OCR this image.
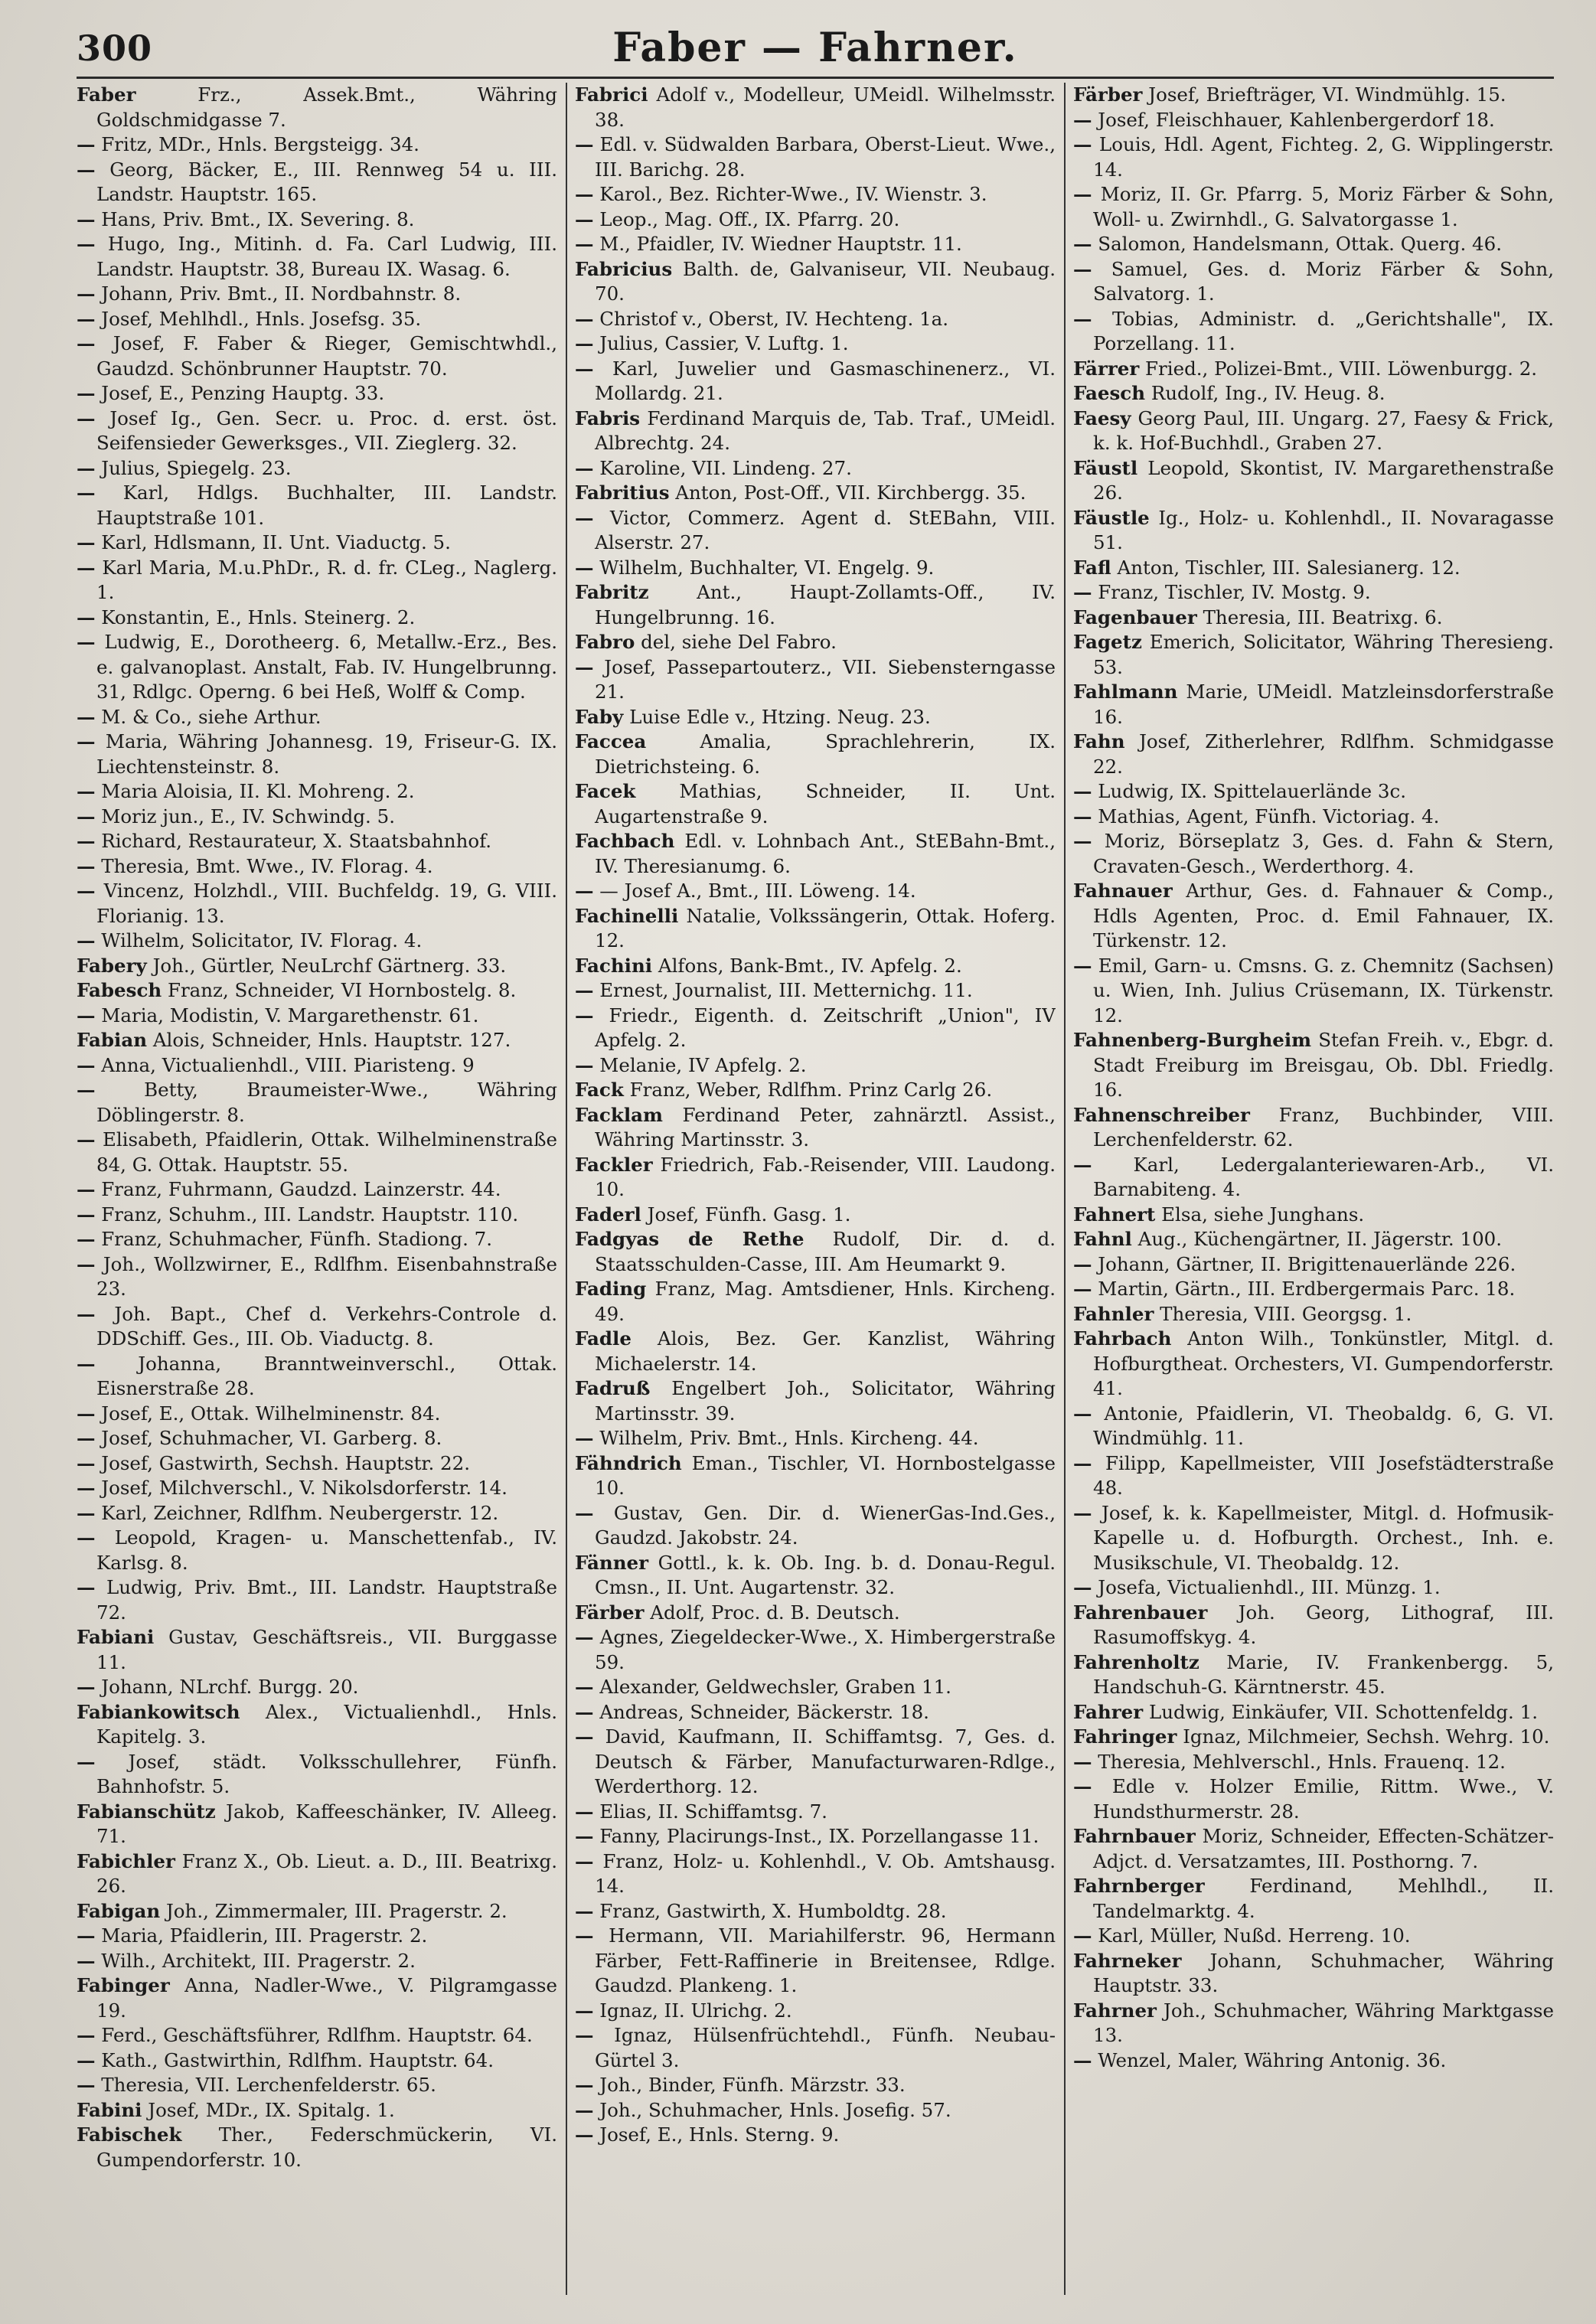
300	Faber — Fahrner.

Faber Frz., Assek.Bmt., Währing Goldschmidgasse 7.

— Fritz, MDr., Hnls. Bergsteigg. 34.

— Georg, Bäcker, E., III. Rennweg 54 u. III. Landstr. Hauptstr. 165.

— Hans, Priv. Bmt., IX. Severing. 8.

— Hugo, Ing., Mitinh. d. Fa. Carl Ludwig, III. Landstr. Hauptstr. 38, Bureau IX. Wasag. 6.

— Johann, Priv. Bmt., II. Nordbahnstr. 8.

— Josef, Mehlhdl., Hnls. Josefsg. 35.

— Josef, F. Faber & Rieger, Gemischtwhdl., Gaudzd. Schönbrunner Hauptstr. 70.

— Josef, E., Penzing Hauptg. 33.

— Josef Ig., Gen. Secr. u. Proc. d. erst. öst. Seifensieder Gewerksges., VII. Zieglerg. 32.

— Julius, Spiegelg. 23.

— Karl, Hdlgs. Buchhalter, III. Landstr. Hauptstraße 101.

— Karl, Hdlsmann, II. Unt. Viaductg. 5.

— Karl Maria, M.u.PhDr., R. d. fr. CLeg., Naglerg. 1.

— Konstantin, E., Hnls. Steinerg. 2.

— Ludwig, E., Dorotheerg. 6, Metallw.-Erz., Bes. e. galvanoplast. Anstalt, Fab. IV. Hungelbrunng. 31, Rdlgc. Operng. 6 bei Heß, Wolff & Comp.

— M. & Co., siehe Arthur.

— Maria, Währing Johannesg. 19, Friseur-G. IX. Liechtensteinstr. 8.

— Maria Aloisia, II. Kl. Mohreng. 2.

— Moriz jun., E., IV. Schwindg. 5.

— Richard, Restaurateur, X. Staatsbahnhof.

— Theresia, Bmt. Wwe., IV. Florag. 4.

— Vincenz, Holzhdl., VIII. Buchfeldg. 19, G. VIII. Florianig. 13.

— Wilhelm, Solicitator, IV. Florag. 4.

Fabery Joh., Gürtler, NeuLrchf Gärtnerg. 33.

Fabesch Franz, Schneider, VI Hornbostelg. 8.

— Maria, Modistin, V. Margarethenstr. 61.

Fabian Alois, Schneider, Hnls. Hauptstr. 127.

— Anna, Victualienhdl., VIII. Piaristeng. 9

— Betty, Braumeister-Wwe., Währing Döblingerstr. 8.

— Elisabeth, Pfaidlerin, Ottak. Wilhelminenstraße 84, G. Ottak. Hauptstr. 55.

— Franz, Fuhrmann, Gaudzd. Lainzerstr. 44.

— Franz, Schuhm., III. Landstr. Hauptstr. 110.

— Franz, Schuhmacher, Fünfh. Stadiong. 7.

— Joh., Wollzwirner, E., Rdlfhm. Eisenbahnstraße 23.

— Joh. Bapt., Chef d. Verkehrs-Controle d. DDSchiff. Ges., III. Ob. Viaductg. 8.

— Johanna, Branntweinverschl., Ottak. Eisnerstraße 28.

— Josef, E., Ottak. Wilhelminenstr. 84.

— Josef, Schuhmacher, VI. Garberg. 8.

— Josef, Gastwirth, Sechsh. Hauptstr. 22.

— Josef, Milchverschl., V. Nikolsdorferstr. 14.

— Karl, Zeichner, Rdlfhm. Neubergerstr. 12.

— Leopold, Kragen- u. Manschettenfab., IV. Karlsg. 8.

— Ludwig, Priv. Bmt., III. Landstr. Hauptstraße 72.

Fabiani Gustav, Geschäftsreis., VII. Burggasse 11.

— Johann, NLrchf. Burgg. 20.

Fabiankowitsch Alex., Victualienhdl., Hnls. Kapitelg. 3.

— Josef, städt. Volksschullehrer, Fünfh. Bahnhofstr. 5.

Fabianschütz Jakob, Kaffeeschänker, IV. Alleeg. 71.

Fabichler Franz X., Ob. Lieut. a. D., III. Beatrixg. 26.

Fabigan Joh., Zimmermaler, III. Pragerstr. 2.

— Maria, Pfaidlerin, III. Pragerstr. 2.

— Wilh., Architekt, III. Pragerstr. 2.

Fabinger Anna, Nadler-Wwe., V. Pilgramgasse 19.

— Ferd., Geschäftsführer, Rdlfhm. Hauptstr. 64.

— Kath., Gastwirthin, Rdlfhm. Hauptstr. 64.

— Theresia, VII. Lerchenfelderstr. 65.

Fabini Josef, MDr., IX. Spitalg. 1.

Fabischek Ther., Federschmückerin, VI. Gumpendorferstr. 10.

Fabrici Adolf v., Modelleur, UMeidl. Wilhelmsstr. 38.

— Edl. v. Südwalden Barbara, Oberst-Lieut. Wwe., III. Barichg. 28.

— Karol., Bez. Richter-Wwe., IV. Wienstr. 3.

— Leop., Mag. Off., IX. Pfarrg. 20.

— M., Pfaidler, IV. Wiedner Hauptstr. 11.

Fabricius Balth. de, Galvaniseur, VII. Neubaug. 70.

— Christof v., Oberst, IV. Hechteng. 1a.

— Julius, Cassier, V. Luftg. 1.

— Karl, Juwelier und Gasmaschinenerz., VI. Mollardg. 21.

Fabris Ferdinand Marquis de, Tab. Traf., UMeidl. Albrechtg. 24.

— Karoline, VII. Lindeng. 27.

Fabritius Anton, Post-Off., VII. Kirchbergg. 35.

— Victor, Commerz. Agent d. StEBahn, VIII. Alserstr. 27.

— Wilhelm, Buchhalter, VI. Engelg. 9.

Fabritz Ant., Haupt-Zollamts-Off., IV. Hungelbrunng. 16.

Fabro del, siehe Del Fabro.

— Josef, Passepartouterz., VII. Siebensterngasse 21.

Faby Luise Edle v., Htzing. Neug. 23.

Faccea Amalia, Sprachlehrerin, IX. Dietrichsteing. 6.

Facek Mathias, Schneider, II. Unt. Augartenstraße 9.

Fachbach Edl. v. Lohnbach Ant., StEBahn-Bmt., IV. Theresianumg. 6.

— — Josef A., Bmt., III. Löweng. 14.

Fachinelli Natalie, Volkssängerin, Ottak. Hoferg. 12.

Fachini Alfons, Bank-Bmt., IV. Apfelg. 2.

— Ernest, Journalist, III. Metternichg. 11.

— Friedr., Eigenth. d. Zeitschrift „Union", IV Apfelg. 2.

— Melanie, IV Apfelg. 2.

Fack Franz, Weber, Rdlfhm. Prinz Carlg 26.

Facklam Ferdinand Peter, zahnärztl. Assist., Währing Martinsstr. 3.

Fackler Friedrich, Fab.-Reisender, VIII. Laudong. 10.

Faderl Josef, Fünfh. Gasg. 1.

Fadgyas de Rethe Rudolf, Dir. d. d. Staatsschulden-Casse, III. Am Heumarkt 9.

Fading Franz, Mag. Amtsdiener, Hnls. Kircheng. 49.

Fadle Alois, Bez. Ger. Kanzlist, Währing Michaelerstr. 14.

Fadruß Engelbert Joh., Solicitator, Währing Martinsstr. 39.

— Wilhelm, Priv. Bmt., Hnls. Kircheng. 44.

Fähndrich Eman., Tischler, VI. Hornbostelgasse 10.

— Gustav, Gen. Dir. d. WienerGas-Ind.Ges., Gaudzd. Jakobstr. 24.

Fänner Gottl., k. k. Ob. Ing. b. d. Donau-Regul. Cmsn., II. Unt. Augartenstr. 32.

Färber Adolf, Proc. d. B. Deutsch.

— Agnes, Ziegeldecker-Wwe., X. Himbergerstraße 59.

— Alexander, Geldwechsler, Graben 11.

— Andreas, Schneider, Bäckerstr. 18.

— David, Kaufmann, II. Schiffamtsg. 7, Ges. d. Deutsch & Färber, Manufacturwaren-Rdlge., Werderthorg. 12.

— Elias, II. Schiffamtsg. 7.

— Fanny, Placirungs-Inst., IX. Porzellangasse 11.

— Franz, Holz- u. Kohlenhdl., V. Ob. Amtshausg. 14.

— Franz, Gastwirth, X. Humboldtg. 28.

— Hermann, VII. Mariahilferstr. 96, Hermann Färber, Fett-Raffinerie in Breitensee, Rdlge. Gaudzd. Plankeng. 1.

— Ignaz, II. Ulrichg. 2.

— Ignaz, Hülsenfrüchtehdl., Fünfh. Neubau-Gürtel 3.

— Joh., Binder, Fünfh. Märzstr. 33.

— Joh., Schuhmacher, Hnls. Josefig. 57.

— Josef, E., Hnls. Sterng. 9.

Färber Josef, Briefträger, VI. Windmühlg. 15.

— Josef, Fleischhauer, Kahlenbergerdorf 18.

— Louis, Hdl. Agent, Fichteg. 2, G. Wipplingerstr. 14.

— Moriz, II. Gr. Pfarrg. 5, Moriz Färber & Sohn, Woll- u. Zwirnhdl., G. Salvatorgasse 1.

— Salomon, Handelsmann, Ottak. Querg. 46.

— Samuel, Ges. d. Moriz Färber & Sohn, Salvatorg. 1.

— Tobias, Administr. d. „Gerichtshalle", IX. Porzellang. 11.

Färrer Fried., Polizei-Bmt., VIII. Löwenburgg. 2.

Faesch Rudolf, Ing., IV. Heug. 8.

Faesy Georg Paul, III. Ungarg. 27, Faesy & Frick, k. k. Hof-Buchhdl., Graben 27.

Fäustl Leopold, Skontist, IV. Margarethenstraße 26.

Fäustle Ig., Holz- u. Kohlenhdl., II. Novaragasse 51.

Fafl Anton, Tischler, III. Salesianerg. 12.

— Franz, Tischler, IV. Mostg. 9.

Fagenbauer Theresia, III. Beatrixg. 6.

Fagetz Emerich, Solicitator, Währing Theresieng. 53.

Fahlmann Marie, UMeidl. Matzleinsdorferstraße 16.

Fahn Josef, Zitherlehrer, Rdlfhm. Schmidgasse 22.

— Ludwig, IX. Spittelauerlände 3c.

— Mathias, Agent, Fünfh. Victoriag. 4.

— Moriz, Börseplatz 3, Ges. d. Fahn & Stern, Cravaten-Gesch., Werderthorg. 4.

Fahnauer Arthur, Ges. d. Fahnauer & Comp., Hdls Agenten, Proc. d. Emil Fahnauer, IX. Türkenstr. 12.

— Emil, Garn- u. Cmsns. G. z. Chemnitz (Sachsen) u. Wien, Inh. Julius Crüsemann, IX. Türkenstr. 12.

Fahnenberg-Burgheim Stefan Freih. v., Ebgr. d. Stadt Freiburg im Breisgau, Ob. Dbl. Friedlg. 16.

Fahnenschreiber Franz, Buchbinder, VIII. Lerchenfelderstr. 62.

— Karl, Ledergalanteriewaren-Arb., VI. Barnabiteng. 4.

Fahnert Elsa, siehe Junghans.

Fahnl Aug., Küchengärtner, II. Jägerstr. 100.

— Johann, Gärtner, II. Brigittenauerlände 226.

— Martin, Gärtn., III. Erdbergermais Parc. 18.

Fahnler Theresia, VIII. Georgsg. 1.

Fahrbach Anton Wilh., Tonkünstler, Mitgl. d. Hofburgtheat. Orchesters, VI. Gumpendorferstr. 41.

— Antonie, Pfaidlerin, VI. Theobaldg. 6, G. VI. Windmühlg. 11.

— Filipp, Kapellmeister, VIII Josefstädterstraße 48.

— Josef, k. k. Kapellmeister, Mitgl. d. Hofmusik-Kapelle u. d. Hofburgth. Orchest., Inh. e. Musikschule, VI. Theobaldg. 12.

— Josefa, Victualienhdl., III. Münzg. 1.

Fahrenbauer Joh. Georg, Lithograf, III. Rasumoffskyg. 4.

Fahrenholtz Marie, IV. Frankenbergg. 5, Handschuh-G. Kärntnerstr. 45.

Fahrer Ludwig, Einkäufer, VII. Schottenfeldg. 1.

Fahringer Ignaz, Milchmeier, Sechsh. Wehrg. 10.

— Theresia, Mehlverschl., Hnls. Frauenq. 12.

— Edle v. Holzer Emilie, Rittm. Wwe., V. Hundsthurmerstr. 28.

Fahrnbauer Moriz, Schneider, Effecten-Schätzer-Adjct. d. Versatzamtes, III. Posthorng. 7.

Fahrnberger Ferdinand, Mehlhdl., II. Tandelmarktg. 4.

— Karl, Müller, Nußd. Herreng. 10.

Fahrneker Johann, Schuhmacher, Währing Hauptstr. 33.

Fahrner Joh., Schuhmacher, Währing Marktgasse 13.

— Wenzel, Maler, Währing Antonig. 36.
